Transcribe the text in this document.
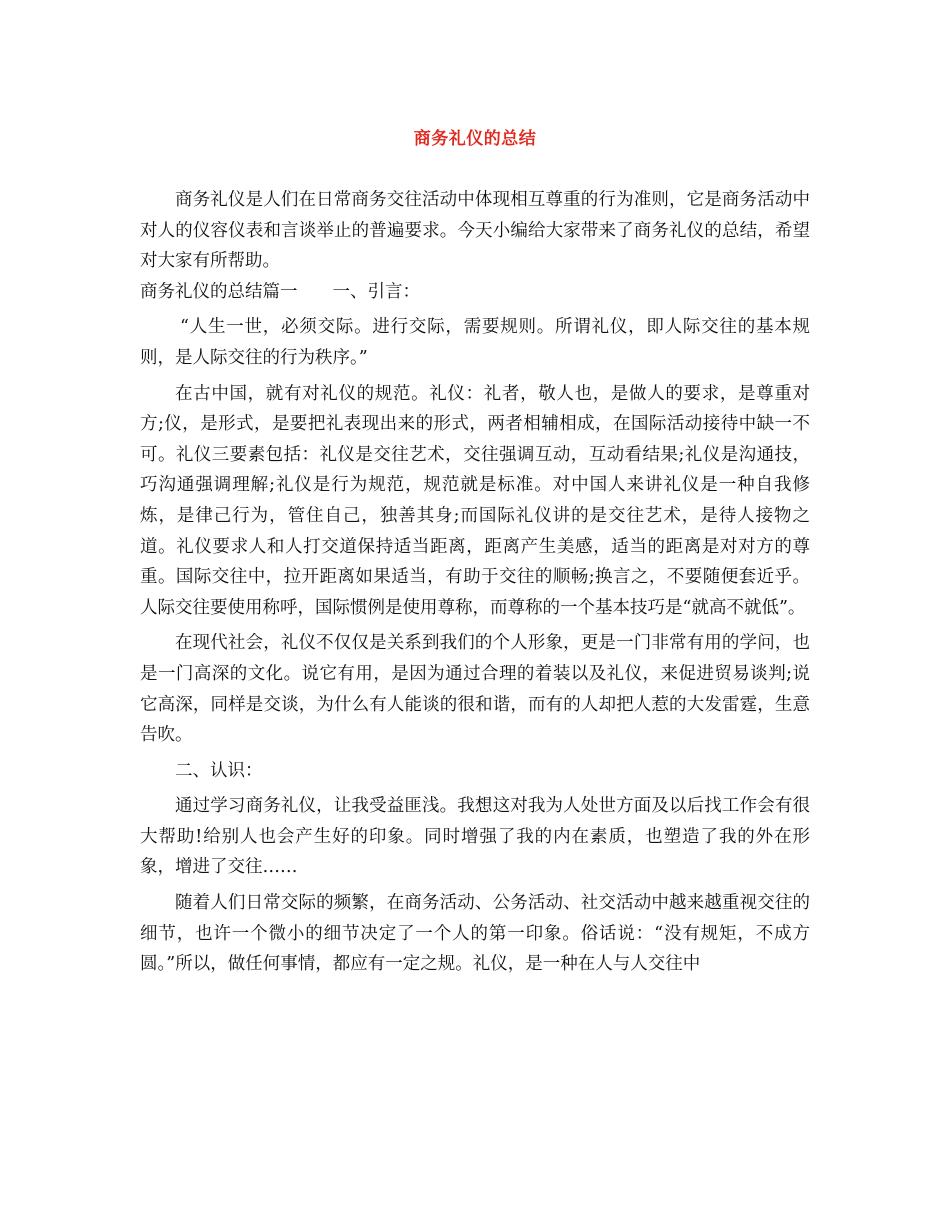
商务礼仪的总结

商务礼仪是人们在日常商务交往活动中体现相互尊重的行为准则，它是商务活动中对人的仪容仪表和言谈举止的普遍要求。今天小编给大家带来了商务礼仪的总结，希望对大家有所帮助。

商务礼仪的总结篇一　　一、引言：

“人生一世，必须交际。进行交际，需要规则。所谓礼仪，即人际交往的基本规则，是人际交往的行为秩序。”

在古中国，就有对礼仪的规范。礼仪：礼者，敬人也，是做人的要求，是尊重对方;仪，是形式，是要把礼表现出来的形式，两者相辅相成，在国际活动接待中缺一不可。礼仪三要素包括：礼仪是交往艺术，交往强调互动，互动看结果;礼仪是沟通技，巧沟通强调理解;礼仪是行为规范，规范就是标准。对中国人来讲礼仪是一种自我修炼，是律己行为，管住自己，独善其身;而国际礼仪讲的是交往艺术，是待人接物之道。礼仪要求人和人打交道保持适当距离，距离产生美感，适当的距离是对对方的尊重。国际交往中，拉开距离如果适当，有助于交往的顺畅;换言之，不要随便套近乎。人际交往要使用称呼，国际惯例是使用尊称，而尊称的一个基本技巧是“就高不就低”。

在现代社会，礼仪不仅仅是关系到我们的个人形象，更是一门非常有用的学问，也是一门高深的文化。说它有用，是因为通过合理的着装以及礼仪，来促进贸易谈判;说它高深，同样是交谈，为什么有人能谈的很和谐，而有的人却把人惹的大发雷霆，生意告吹。

二、认识：

通过学习商务礼仪，让我受益匪浅。我想这对我为人处世方面及以后找工作会有很大帮助!给别人也会产生好的印象。同时增强了我的内在素质，也塑造了我的外在形象，增进了交往……

随着人们日常交际的频繁，在商务活动、公务活动、社交活动中越来越重视交往的细节，也许一个微小的细节决定了一个人的第一印象。俗话说：“没有规矩，不成方圆。”所以，做任何事情，都应有一定之规。礼仪，是一种在人与人交往中
